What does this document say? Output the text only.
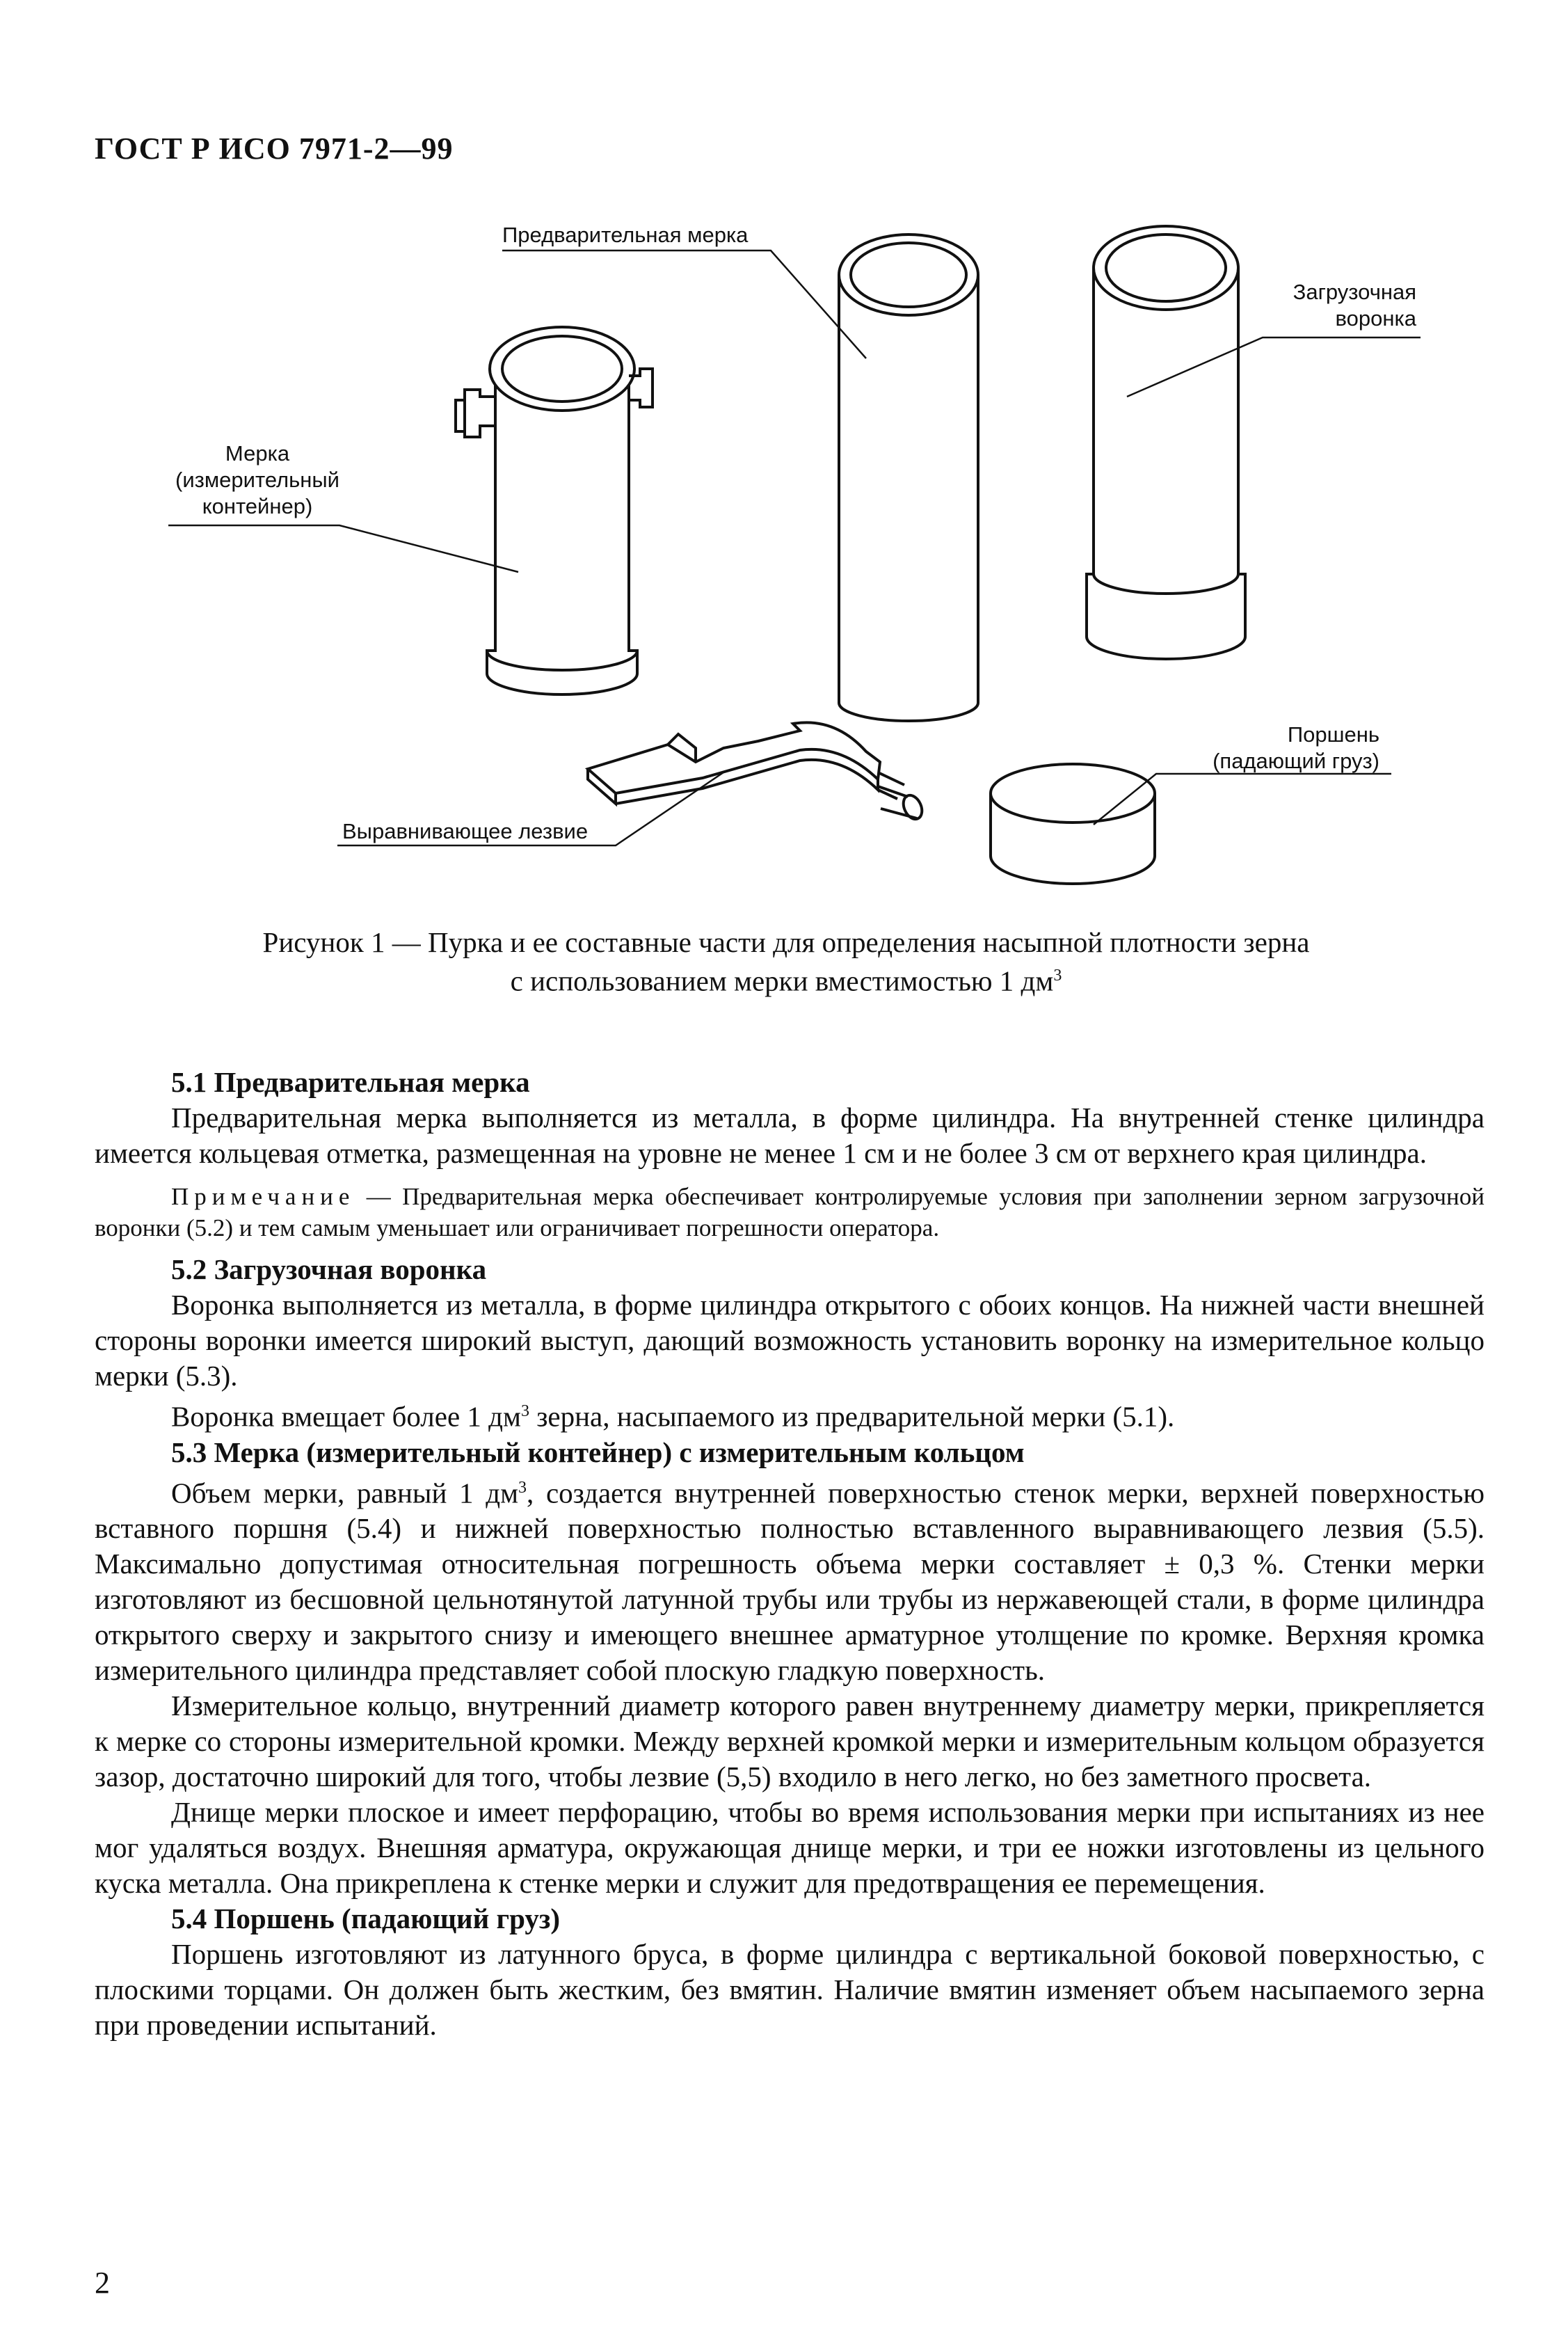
ГОСТ Р ИСО 7971-2—99
Предварительная мерка
Загрузочная
воронка
Мерка
(измерительный
контейнер)
Поршень
(падающий груз)
Выравнивающее лезвие
Рисунок 1 — Пурка и ее составные части для определения насыпной плотности зерна
с использованием мерки вместимостью 1 $дм^3$

5.1 Предварительная мерка

Предварительная мерка выполняется из металла, в форме цилиндра. На внутренней стенке цилиндра имеется кольцевая отметка, размещенная на уровне не менее 1 см и не более 3 см от верхнего края цилиндра.

Примечание — Предварительная мерка обеспечивает контролируемые условия при заполнении зерном загрузочной воронки (5.2) и тем самым уменьшает или ограничивает погрешности оператора.

5.2 Загрузочная воронка

Воронка выполняется из металла, в форме цилиндра открытого с обоих концов. На нижней части внешней стороны воронки имеется широкий выступ, дающий возможность установить воронку на измерительное кольцо мерки (5.3).

Воронка вмещает более 1 $дм^3$ зерна, насыпаемого из предварительной мерки (5.1).

5.3 Мерка (измерительный контейнер) с измерительным кольцом

Объем мерки, равный 1 $дм^3$, создается внутренней поверхностью стенок мерки, верхней поверхностью вставного поршня (5.4) и нижней поверхностью полностью вставленного выравнивающего лезвия (5.5). Максимально допустимая относительная погрешность объема мерки составляет ± 0,3 %. Стенки мерки изготовляют из бесшовной цельнотянутой латунной трубы или трубы из нержавеющей стали, в форме цилиндра открытого сверху и закрытого снизу и имеющего внешнее арматурное утолщение по кромке. Верхняя кромка измерительного цилиндра представляет собой плоскую гладкую поверхность.

Измерительное кольцо, внутренний диаметр которого равен внутреннему диаметру мерки, прикрепляется к мерке со стороны измерительной кромки. Между верхней кромкой мерки и измерительным кольцом образуется зазор, достаточно широкий для того, чтобы лезвие (5,5) входило в него легко, но без заметного просвета.

Днище мерки плоское и имеет перфорацию, чтобы во время использования мерки при испытаниях из нее мог удаляться воздух. Внешняя арматура, окружающая днище мерки, и три ее ножки изготовлены из цельного куска металла. Она прикреплена к стенке мерки и служит для предотвращения ее перемещения.

5.4 Поршень (падающий груз)

Поршень изготовляют из латунного бруса, в форме цилиндра с вертикальной боковой поверхностью, с плоскими торцами. Он должен быть жестким, без вмятин. Наличие вмятин изменяет объем насыпаемого зерна при проведении испытаний.

2
